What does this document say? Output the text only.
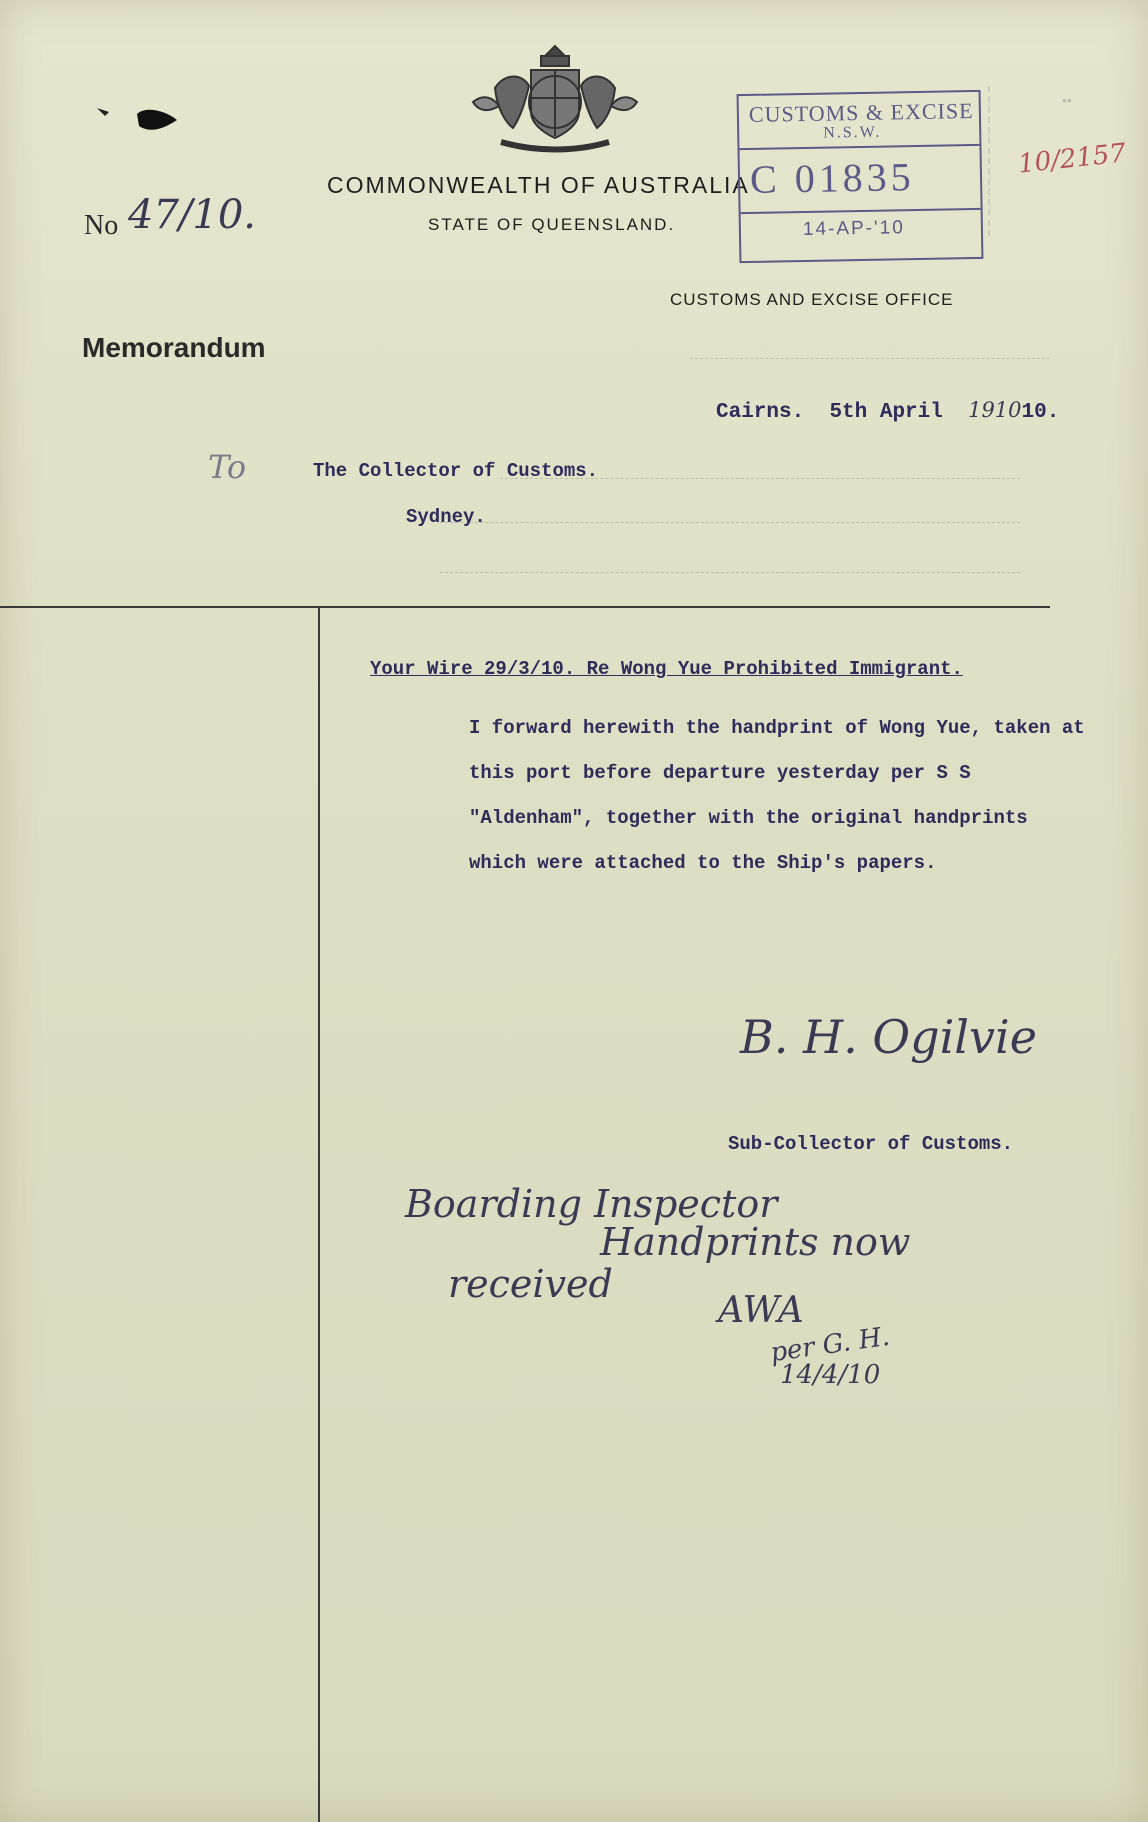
No 47/10.
COMMONWEALTH OF AUSTRALIA
STATE OF QUEENSLAND.
CUSTOMS AND EXCISE OFFICE
Memorandum
CUSTOMS & EXCISE
N.S.W.
C 01835
14-AP-'10
••
10/2157
Cairns. 5th April 191010.
To	The Collector of Customs.
Sydney.
Your Wire 29/3/10. Re Wong Yue Prohibited Immigrant.
I forward herewith the handprint of Wong Yue, taken at this port before departure yesterday per S S "Aldenham", together with the original handprints which were attached to the Ship's papers.
B. H. Ogilvie
Sub-Collector of Customs.
Boarding Inspector
Handprints now
received
AWA
per G. H.
14/4/10
